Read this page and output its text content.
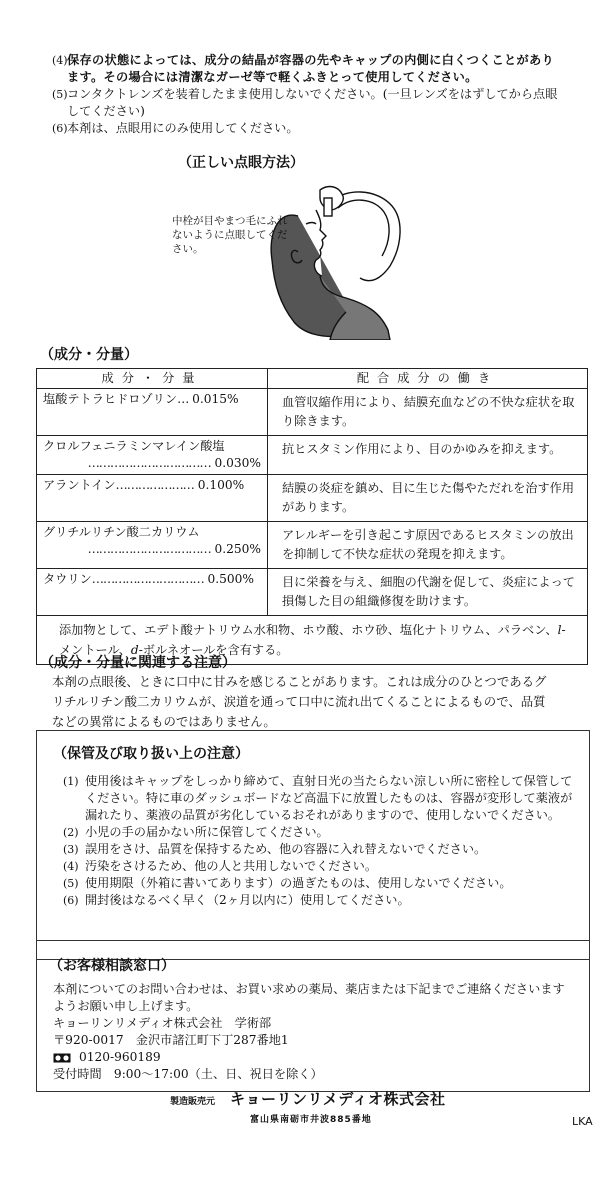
(4) 保存の状態によっては、成分の結晶が容器の先やキャップの内側に白くつくことがあります。その場合には清潔なガーゼ等で軽くふきとって使用してください。
(5) コンタクトレンズを装着したまま使用しないでください。(一旦レンズをはずしてから点眼してください)
(6) 本剤は、点眼用にのみ使用してください。
（正しい点眼方法）
中栓が目やまつ毛にふれないように点眼してください。
（成分・分量）
成分・分量	配合成分の働き

塩酸テトラヒドロゾリン… 0.015%	血管収縮作用により、結膜充血などの不快な症状を取り除きます。

クロルフェニラミンマレイン酸塩
…………………………… 0.030%	抗ヒスタミン作用により、目のかゆみを抑えます。

アラントイン………………… 0.100%	結膜の炎症を鎮め、目に生じた傷やただれを治す作用があります。

グリチルリチン酸二カリウム
…………………………… 0.250%	アレルギーを引き起こす原因であるヒスタミンの放出を抑制して不快な症状の発現を抑えます。

タウリン………………………… 0.500%	目に栄養を与え、細胞の代謝を促して、炎症によって損傷した目の組織修復を助けます。
添加物として、エデト酸ナトリウム水和物、ホウ酸、ホウ砂、塩化ナトリウム、パラベン、l-メントール、d-ボルネオールを含有する。	
（成分・分量に関連する注意）
本剤の点眼後、ときに口中に甘みを感じることがあります。これは成分のひとつであるグリチルリチン酸二カリウムが、涙道を通って口中に流れ出てくることによるもので、品質などの異常によるものではありません。
（保管及び取り扱い上の注意）
(1) 使用後はキャップをしっかり締めて、直射日光の当たらない涼しい所に密栓して保管してください。特に車のダッシュボードなど高温下に放置したものは、容器が変形して薬液が漏れたり、薬液の品質が劣化しているおそれがありますので、使用しないでください。
(2) 小児の手の届かない所に保管してください。
(3) 誤用をさけ、品質を保持するため、他の容器に入れ替えないでください。
(4) 汚染をさけるため、他の人と共用しないでください。
(5) 使用期限（外箱に書いてあります）の過ぎたものは、使用しないでください。
(6) 開封後はなるべく早く（2ヶ月以内に）使用してください。
（お客様相談窓口）
本剤についてのお問い合わせは、お買い求めの薬局、薬店または下記までご連絡くださいますようお願い申し上げます。
キョーリンリメディオ株式会社　学術部
〒920-0017　金沢市諸江町下丁287番地1
0120-960189
受付時間　9:00～17:00（土、日、祝日を除く）
製造販売元 キョーリンリメディオ株式会社
富山県南砺市井波885番地	LKA
